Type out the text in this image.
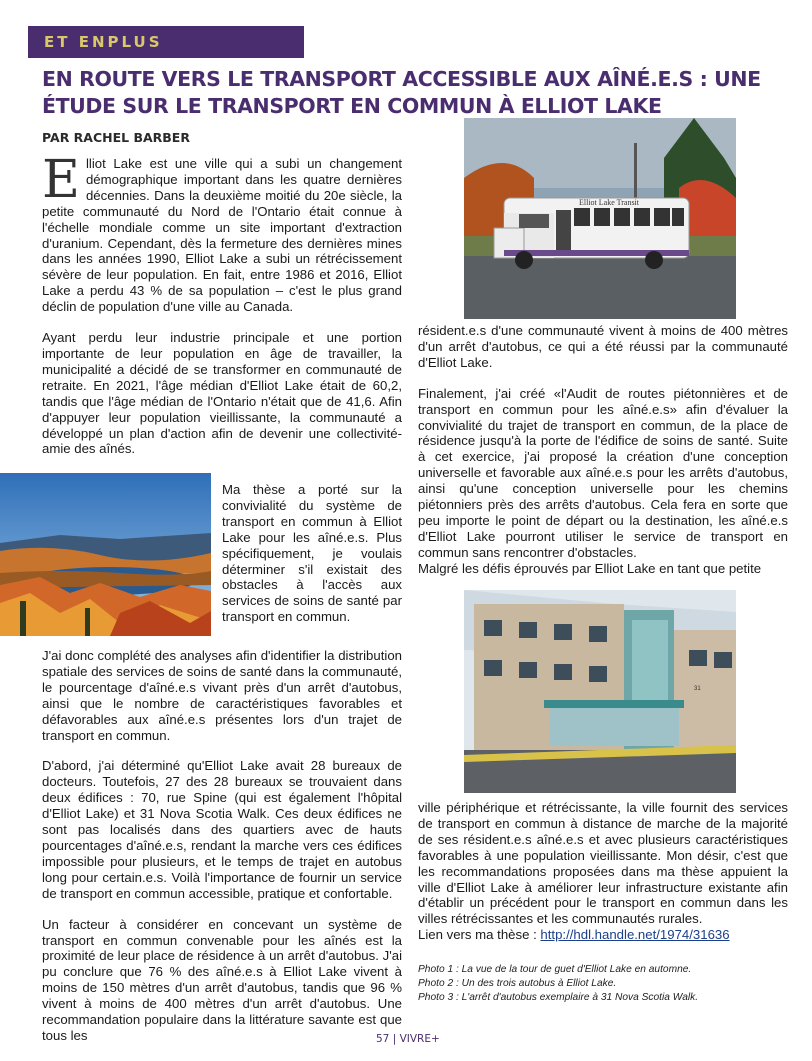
ET ENPLUS
EN ROUTE VERS LE TRANSPORT ACCESSIBLE AUX AÎNÉ.E.S : UNE ÉTUDE SUR LE TRANSPORT EN COMMUN À ELLIOT LAKE
PAR RACHEL BARBER

Elliot Lake est une ville qui a subi un changement démographique important dans les quatre dernières décennies. Dans la deuxième moitié du 20e siècle, la petite communauté du Nord de l'Ontario était connue à l'échelle mondiale comme un site important d'extraction d'uranium. Cependant, dès la fermeture des dernières mines dans les années 1990, Elliot Lake a subi un rétrécissement sévère de leur population. En fait, entre 1986 et 2016, Elliot Lake a perdu 43 % de sa population – c'est le plus grand déclin de population d'une ville au Canada.

Ayant perdu leur industrie principale et une portion importante de leur population en âge de travailler, la municipalité a décidé de se transformer en communauté de retraite. En 2021, l'âge médian d'Elliot Lake était de 60,2, tandis que l'âge médian de l'Ontario n'était que de 41,6. Afin d'appuyer leur population vieillissante, la communauté a développé un plan d'action afin de devenir une collectivité-amie des aînés.

Ma thèse a porté sur la convivialité du système de transport en commun à Elliot Lake pour les aîné.e.s. Plus spécifiquement, je voulais déterminer s'il existait des obstacles à l'accès aux services de soins de santé par transport en commun.

J'ai donc complété des analyses afin d'identifier la distribution spatiale des services de soins de santé dans la communauté, le pourcentage d'aîné.e.s vivant près d'un arrêt d'autobus, ainsi que le nombre de caractéristiques favorables et défavorables aux aîné.e.s présentes lors d'un trajet de transport en commun.

D'abord, j'ai déterminé qu'Elliot Lake avait 28 bureaux de docteurs. Toutefois, 27 des 28 bureaux se trouvaient dans deux édifices : 70, rue Spine (qui est également l'hôpital d'Elliot Lake) et 31 Nova Scotia Walk. Ces deux édifices ne sont pas localisés dans des quartiers avec de hauts pourcentages d'aîné.e.s, rendant la marche vers ces édifices impossible pour plusieurs, et le temps de trajet en autobus long pour certain.e.s. Voilà l'importance de fournir un service de transport en commun accessible, pratique et confortable.

Un facteur à considérer en concevant un système de transport en commun convenable pour les aînés est la proximité de leur place de résidence à un arrêt d'autobus. J'ai pu conclure que 76 % des aîné.e.s à Elliot Lake vivent à moins de 150 mètres d'un arrêt d'autobus, tandis que 96 % vivent à moins de 400 mètres d'un arrêt d'autobus. Une recommandation populaire dans la littérature savante est que tous les

Elliot Lake Transit

résident.e.s d'une communauté vivent à moins de 400 mètres d'un arrêt d'autobus, ce qui a été réussi par la communauté d'Elliot Lake.

Finalement, j'ai créé «l'Audit de routes piétonnières et de transport en commun pour les aîné.e.s» afin d'évaluer la convivialité du trajet de transport en commun, de la place de résidence jusqu'à la porte de l'édifice de soins de santé. Suite à cet exercice, j'ai proposé la création d'une conception universelle et favorable aux aîné.e.s pour les arrêts d'autobus, ainsi qu'une conception universelle pour les chemins piétonniers près des arrêts d'autobus. Cela fera en sorte que peu importe le point de départ ou la destination, les aîné.e.s d'Elliot Lake pourront utiliser le service de transport en commun sans rencontrer d'obstacles.

Malgré les défis éprouvés par Elliot Lake en tant que petite

31

ville périphérique et rétrécissante, la ville fournit des services de transport en commun à distance de marche de la majorité de ses résident.e.s aîné.e.s et avec plusieurs caractéristiques favorables à une population vieillissante. Mon désir, c'est que les recommandations proposées dans ma thèse appuient la ville d'Elliot Lake à améliorer leur infrastructure existante afin d'établir un précédent pour le transport en commun dans les villes rétrécissantes et les communautés rurales.

Lien vers ma thèse : http://hdl.handle.net/1974/31636

Photo 1 : La vue de la tour de guet d'Elliot Lake en automne.
Photo 2 : Un des trois autobus à Elliot Lake.
Photo 3 : L'arrêt d'autobus exemplaire à 31 Nova Scotia Walk.
57 | VIVRE+
